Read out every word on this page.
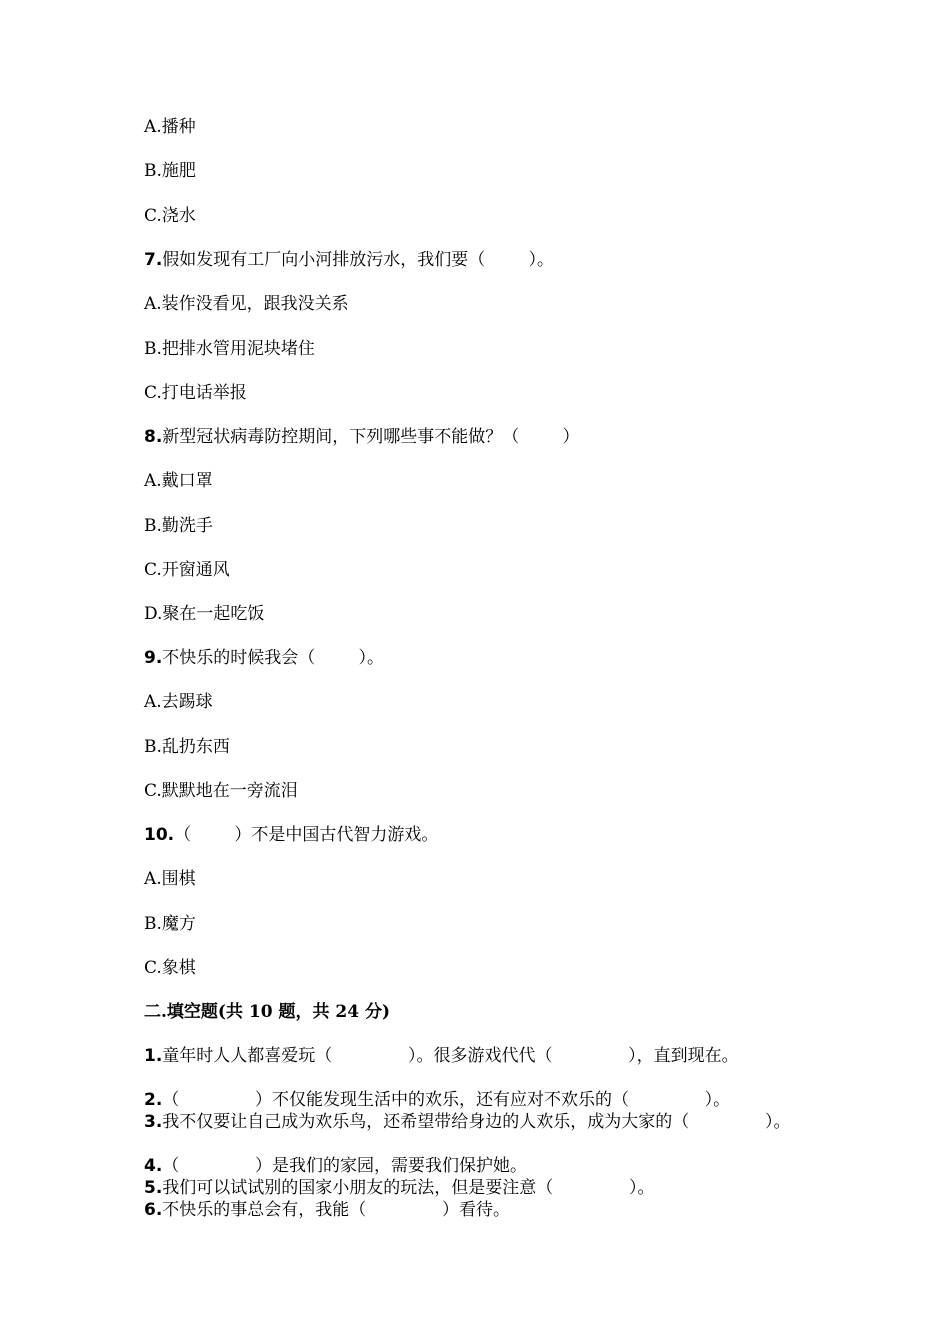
A.播种
B.施肥
C.浇水
7.假如发现有工厂向小河排放污水，我们要（        ）。
A.装作没看见，跟我没关系
B.把排水管用泥块堵住
C.打电话举报
8.新型冠状病毒防控期间，下列哪些事不能做？（        ）
A.戴口罩
B.勤洗手
C.开窗通风
D.聚在一起吃饭
9.不快乐的时候我会（        ）。
A.去踢球
B.乱扔东西
C.默默地在一旁流泪
10.（        ）不是中国古代智力游戏。
A.围棋
B.魔方
C.象棋
二.填空题(共 10 题，共 24 分)
1.童年时人人都喜爱玩（              ）。很多游戏代代（              ），直到现在。
2.（              ）不仅能发现生活中的欢乐，还有应对不欢乐的（              ）。
3.我不仅要让自己成为欢乐鸟，还希望带给身边的人欢乐，成为大家的（              ）。
4.（              ）是我们的家园，需要我们保护她。
5.我们可以试试别的国家小朋友的玩法，但是要注意（              ）。
6.不快乐的事总会有，我能（              ）看待。
